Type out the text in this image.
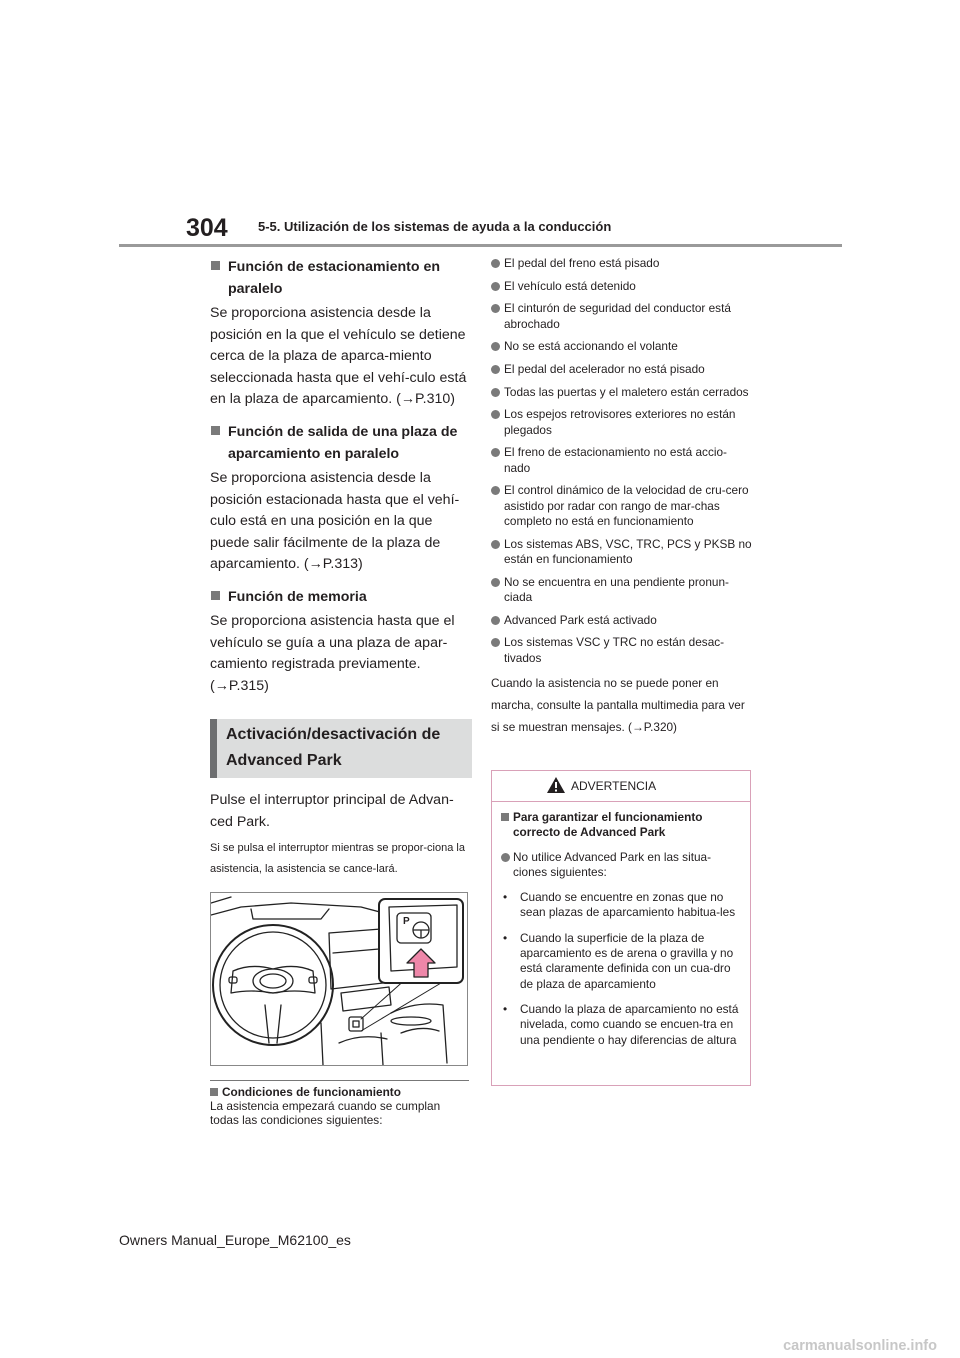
304 5-5. Utilización de los sistemas de ayuda a la conducción
Función de estacionamiento en paralelo

Se proporciona asistencia desde la posición en la que el vehículo se detiene cerca de la plaza de aparca-miento seleccionada hasta que el vehí-culo está en la plaza de aparcamiento. (→P.310)

Función de salida de una plaza de aparcamiento en paralelo

Se proporciona asistencia desde la posición estacionada hasta que el vehí-culo está en una posición en la que puede salir fácilmente de la plaza de aparcamiento. (→P.313)

Función de memoria

Se proporciona asistencia hasta que el vehículo se guía a una plaza de apar-camiento registrada previamente. (→P.315)

Activación/desactivación de Advanced Park

Pulse el interruptor principal de Advan-ced Park.

Si se pulsa el interruptor mientras se propor-ciona la asistencia, la asistencia se cance-lará.

P
Condiciones de funcionamiento
La asistencia empezará cuando se cumplan todas las condiciones siguientes:
El pedal del freno está pisado
El vehículo está detenido
El cinturón de seguridad del conductor está abrochado
No se está accionando el volante
El pedal del acelerador no está pisado
Todas las puertas y el maletero están cerrados
Los espejos retrovisores exteriores no están plegados
El freno de estacionamiento no está accio-nado
El control dinámico de la velocidad de cru-cero asistido por radar con rango de mar-chas completo no está en funcionamiento
Los sistemas ABS, VSC, TRC, PCS y PKSB no están en funcionamiento
No se encuentra en una pendiente pronun-ciada
Advanced Park está activado
Los sistemas VSC y TRC no están desac-tivados

Cuando la asistencia no se puede poner en marcha, consulte la pantalla multimedia para ver si se muestran mensajes. (→P.320)

ADVERTENCIA
Para garantizar el funcionamiento correcto de Advanced Park
No utilice Advanced Park en las situa-ciones siguientes:
• Cuando se encuentre en zonas que no sean plazas de aparcamiento habitua-les
• Cuando la superficie de la plaza de aparcamiento es de arena o gravilla y no está claramente definida con un cua-dro de plaza de aparcamiento
• Cuando la plaza de aparcamiento no está nivelada, como cuando se encuen-tra en una pendiente o hay diferencias de altura
Owners Manual_Europe_M62100_es
carmanualsonline.info
